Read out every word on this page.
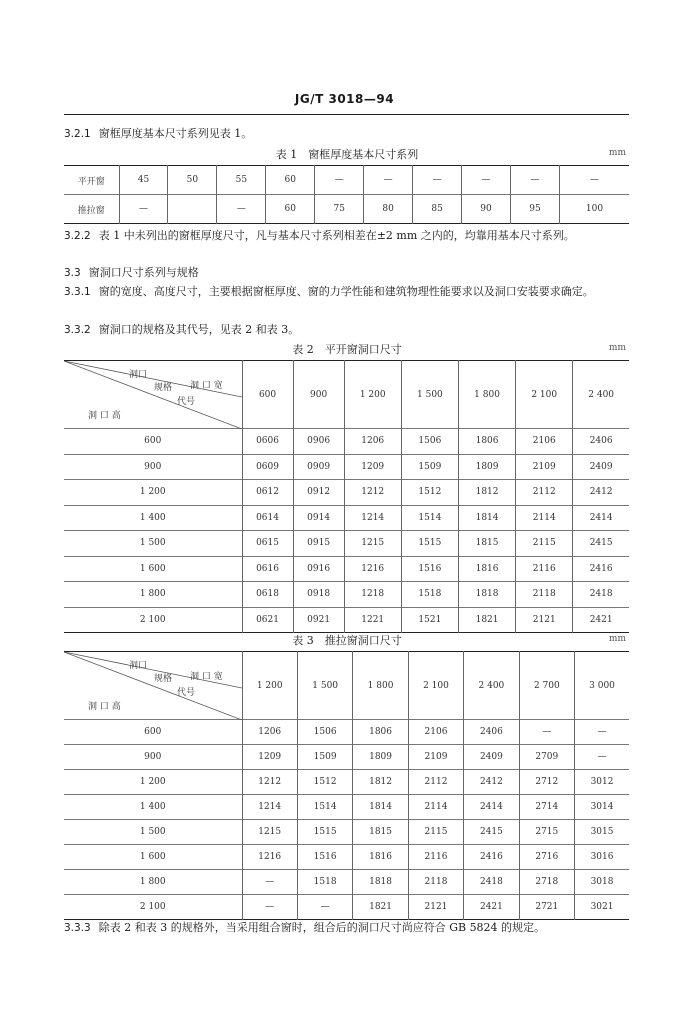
JG/T 3018—94
3.2.1 窗框厚度基本尺寸系列见表 1。
表 1　窗框厚度基本尺寸系列	mm
平开窗	45	50	55	60	—	—	—	—	—	—
推拉窗	—		—	60	75	80	85	90	95	100
3.2.2 表 1 中未列出的窗框厚度尺寸，凡与基本尺寸系列相差在±2 mm 之内的，均靠用基本尺寸系列。
3.3 窗洞口尺寸系列与规格
3.3.1 窗的宽度、高度尺寸，主要根据窗框厚度、窗的力学性能和建筑物理性能要求以及洞口安装要求确定。
3.3.2 窗洞口的规格及其代号，见表 2 和表 3。
表 2　平开窗洞口尺寸	mm
洞口
规格
代号
洞 口 宽
洞 口 高	600	900	1 200	1 500	1 800	2 100	2 400
600	0606	0906	1206	1506	1806	2106	2406
900	0609	0909	1209	1509	1809	2109	2409
1 200	0612	0912	1212	1512	1812	2112	2412
1 400	0614	0914	1214	1514	1814	2114	2414
1 500	0615	0915	1215	1515	1815	2115	2415
1 600	0616	0916	1216	1516	1816	2116	2416
1 800	0618	0918	1218	1518	1818	2118	2418
2 100	0621	0921	1221	1521	1821	2121	2421
表 3　推拉窗洞口尺寸	mm
洞口
规格
代号
洞 口 宽
洞 口 高	1 200	1 500	1 800	2 100	2 400	2 700	3 000
600	1206	1506	1806	2106	2406	—	—
900	1209	1509	1809	2109	2409	2709	—
1 200	1212	1512	1812	2112	2412	2712	3012
1 400	1214	1514	1814	2114	2414	2714	3014
1 500	1215	1515	1815	2115	2415	2715	3015
1 600	1216	1516	1816	2116	2416	2716	3016
1 800	—	1518	1818	2118	2418	2718	3018
2 100	—	—	1821	2121	2421	2721	3021
3.3.3 除表 2 和表 3 的规格外，当采用组合窗时，组合后的洞口尺寸尚应符合 GB 5824 的规定。
